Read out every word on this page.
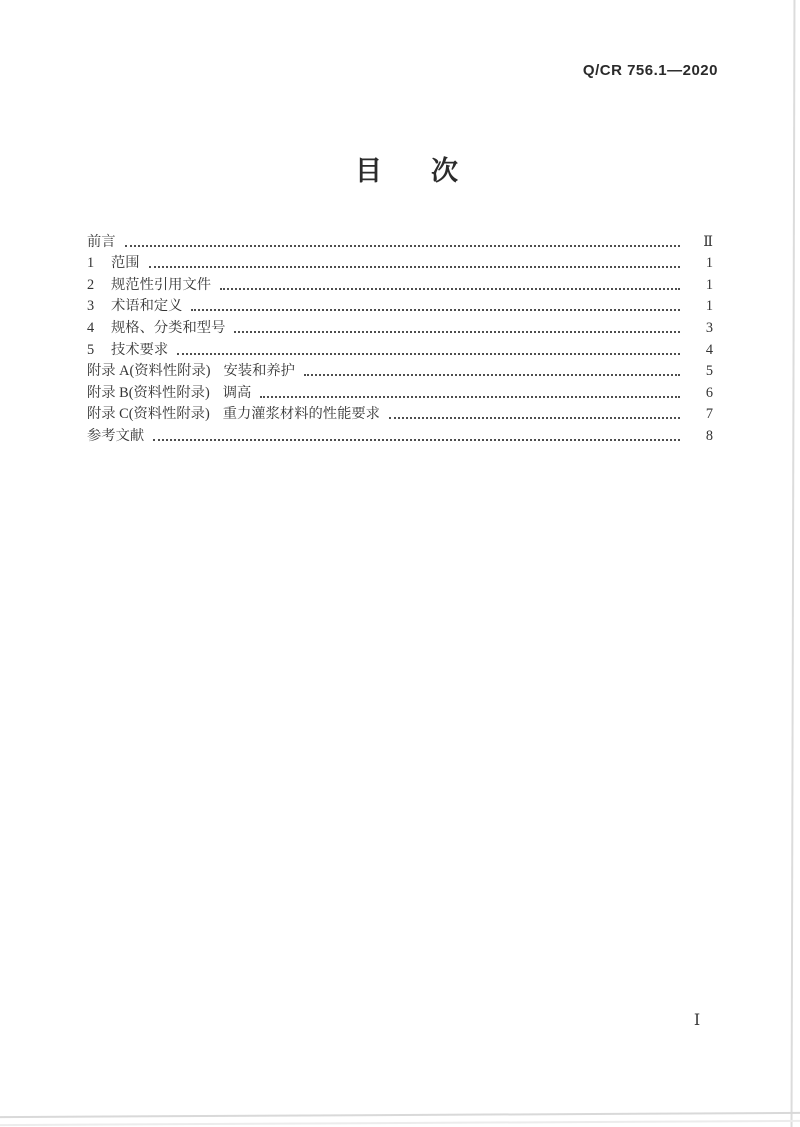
Q/CR 756.1—2020
目　次
前言	Ⅱ
1	范围	1
2	规范性引用文件	1
3	术语和定义	1
4	规格、分类和型号	3
5	技术要求	4
附录 A(资料性附录) 安装和养护	5
附录 B(资料性附录) 调高	6
附录 C(资料性附录) 重力灌浆材料的性能要求	7
参考文献	8
Ⅰ
